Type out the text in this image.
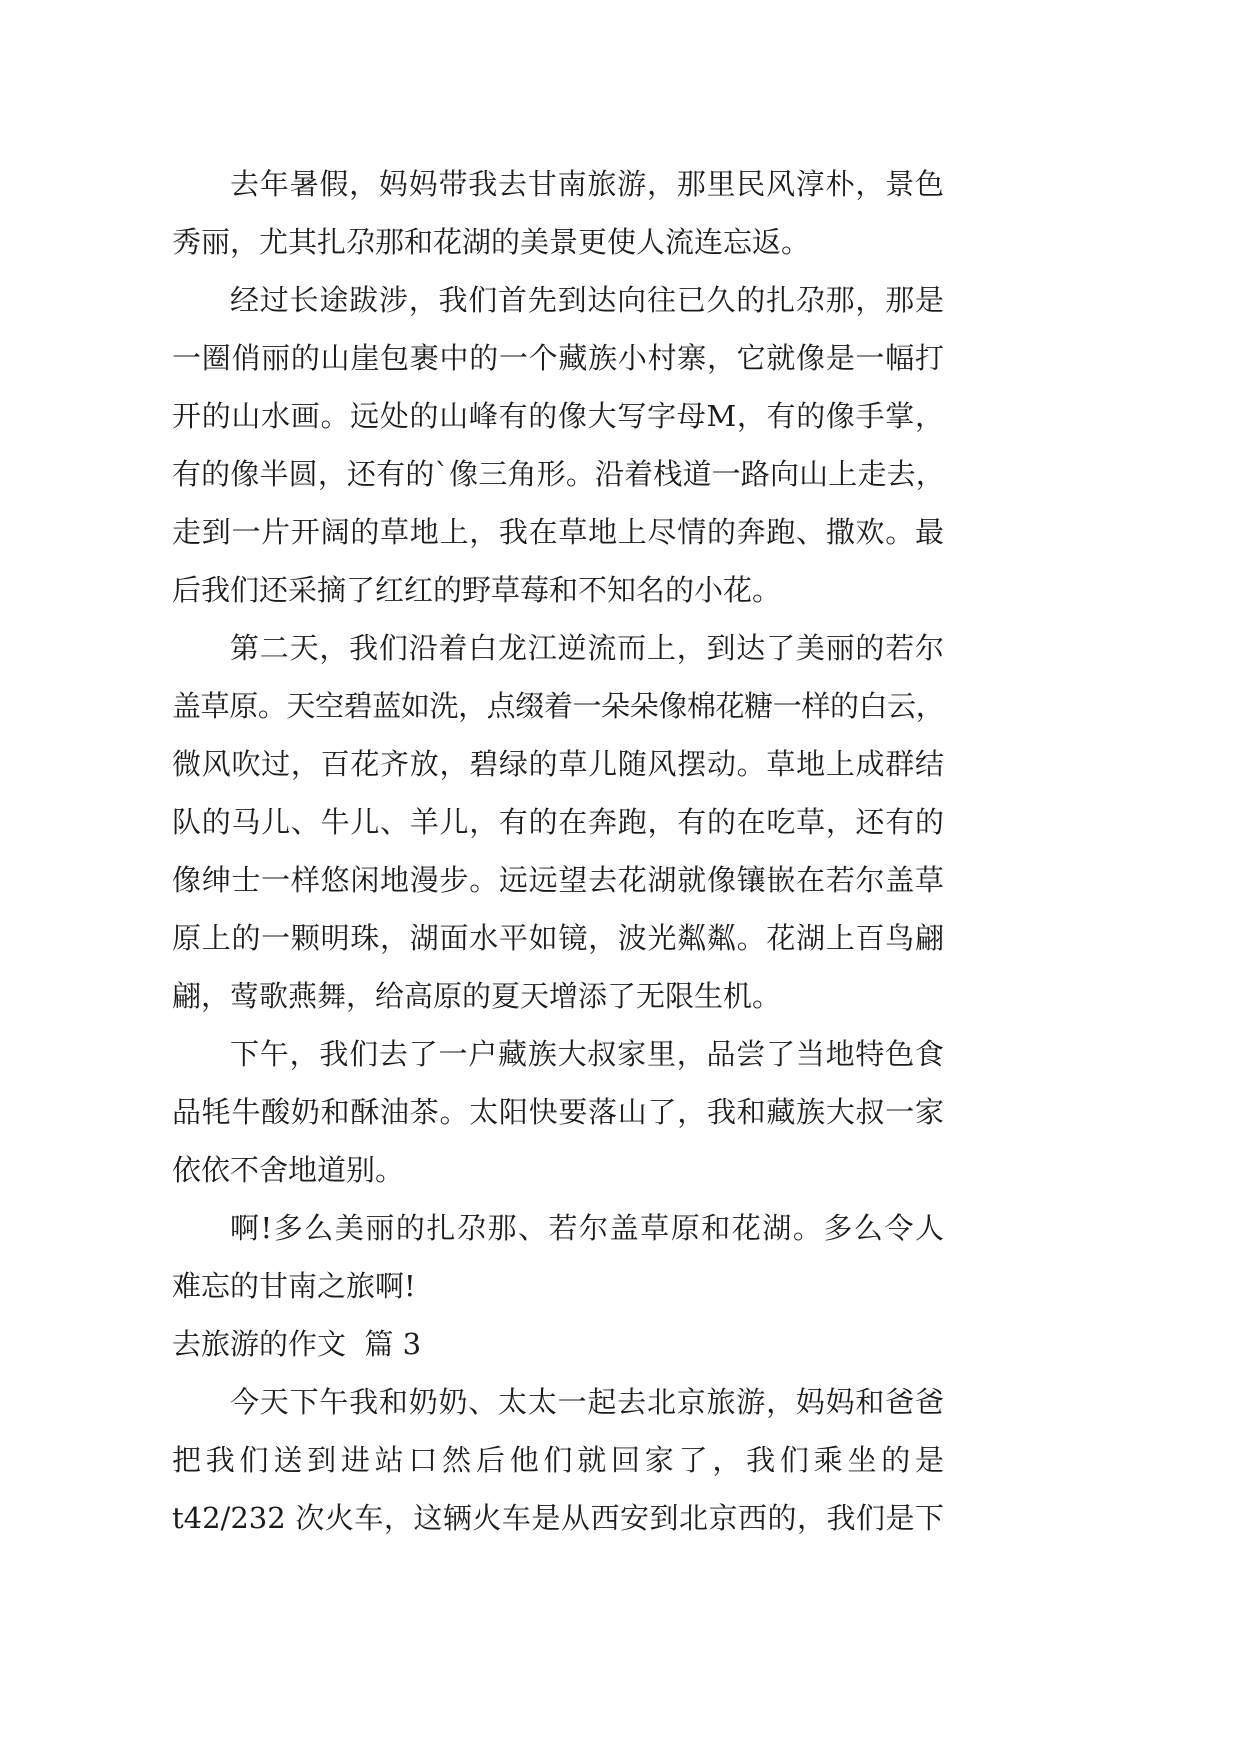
去年暑假，妈妈带我去甘南旅游，那里民风淳朴，景色
秀丽，尤其扎尕那和花湖的美景更使人流连忘返。
经过长途跋涉，我们首先到达向往已久的扎尕那，那是
一圈俏丽的山崖包裹中的一个藏族小村寨，它就像是一幅打
开的山水画。远处的山峰有的像大写字母M，有的像手掌，
有的像半圆，还有的`像三角形。沿着栈道一路向山上走去，
走到一片开阔的草地上，我在草地上尽情的奔跑、撒欢。最
后我们还采摘了红红的野草莓和不知名的小花。
第二天，我们沿着白龙江逆流而上，到达了美丽的若尔
盖草原。天空碧蓝如洗，点缀着一朵朵像棉花糖一样的白云，
微风吹过，百花齐放，碧绿的草儿随风摆动。草地上成群结
队的马儿、牛儿、羊儿，有的在奔跑，有的在吃草，还有的
像绅士一样悠闲地漫步。远远望去花湖就像镶嵌在若尔盖草
原上的一颗明珠，湖面水平如镜，波光粼粼。花湖上百鸟翩
翩，莺歌燕舞，给高原的夏天增添了无限生机。
下午，我们去了一户藏族大叔家里，品尝了当地特色食
品牦牛酸奶和酥油茶。太阳快要落山了，我和藏族大叔一家
依依不舍地道别。
啊!多么美丽的扎尕那、若尔盖草原和花湖。多么令人
难忘的甘南之旅啊!
去旅游的作文  篇 3
今天下午我和奶奶、太太一起去北京旅游，妈妈和爸爸
把我们送到进站口然后他们就回家了，我们乘坐的是
t42/232 次火车，这辆火车是从西安到北京西的，我们是下
